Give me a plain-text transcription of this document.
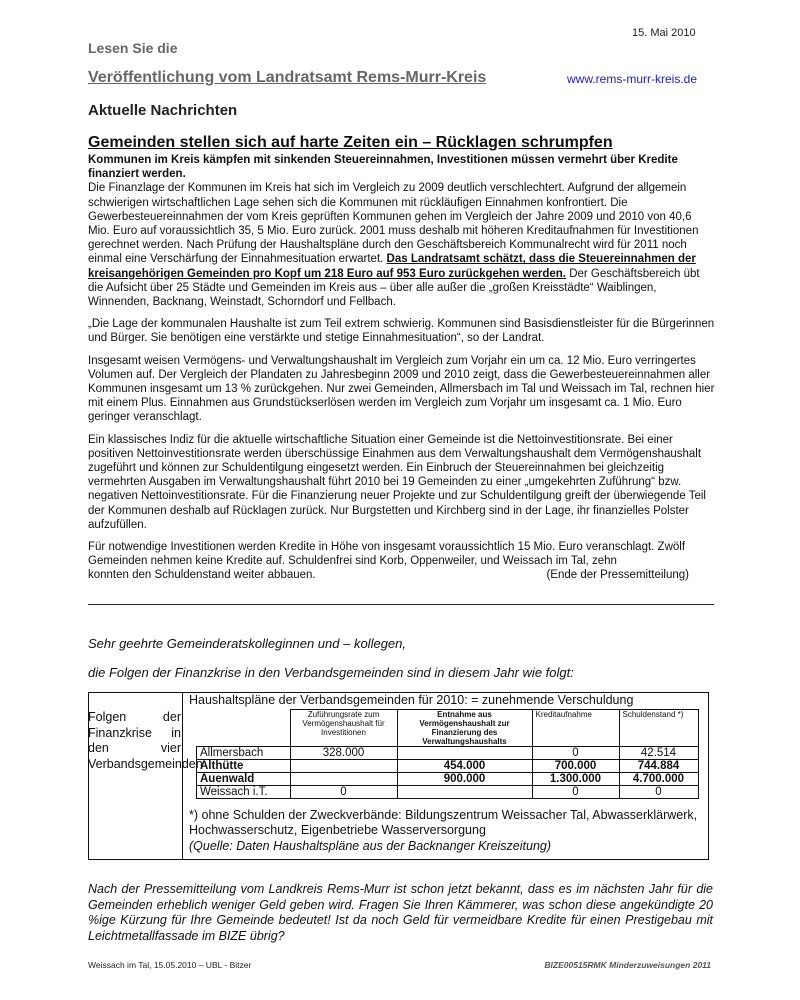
15. Mai 2010
Lesen Sie die
Veröffentlichung vom Landratsamt Rems-Murr-Kreis	www.rems-murr-kreis.de
Aktuelle Nachrichten
Gemeinden stellen sich auf harte Zeiten ein – Rücklagen schrumpfen

Kommunen im Kreis kämpfen mit sinkenden Steuereinnahmen, Investitionen müssen vermehrt über Kredite finanziert werden.

Die Finanzlage der Kommunen im Kreis hat sich im Vergleich zu 2009 deutlich verschlechtert. Aufgrund der allgemein schwierigen wirtschaftlichen Lage sehen sich die Kommunen mit rückläufigen Einnahmen konfrontiert. Die Gewerbesteuereinnahmen der vom Kreis geprüften Kommunen gehen im Vergleich der Jahre 2009 und 2010 von 40,6 Mio. Euro auf voraussichtlich 35, 5 Mio. Euro zurück. 2001 muss deshalb mit höheren Kreditaufnahmen für Investitionen gerechnet werden. Nach Prüfung der Haushaltspläne durch den Geschäftsbereich Kommunalrecht wird für 2011 noch einmal eine Verschärfung der Einnahmesituation erwartet. Das Landratsamt schätzt, dass die Steuereinnahmen der kreisangehörigen Gemeinden pro Kopf um 218 Euro auf 953 Euro zurückgehen werden. Der Geschäftsbereich übt die Aufsicht über 25 Städte und Gemeinden im Kreis aus – über alle außer die „großen Kreisstädte“ Waiblingen, Winnenden, Backnang, Weinstadt, Schorndorf und Fellbach.

„Die Lage der kommunalen Haushalte ist zum Teil extrem schwierig. Kommunen sind Basisdienstleister für die Bürgerinnen und Bürger. Sie benötigen eine verstärkte und stetige Einnahmesituation“, so der Landrat.

Insgesamt weisen Vermögens- und Verwaltungshaushalt im Vergleich zum Vorjahr ein um ca. 12 Mio. Euro verringertes Volumen auf. Der Vergleich der Plandaten zu Jahresbeginn 2009 und 2010 zeigt, dass die Gewerbesteuereinnahmen aller Kommunen insgesamt um 13 % zurückgehen. Nur zwei Gemeinden, Allmersbach im Tal und Weissach im Tal, rechnen hier mit einem Plus. Einnahmen aus Grundstückserlösen werden im Vergleich zum Vorjahr um insgesamt ca. 1 Mio. Euro geringer veranschlagt.

Ein klassisches Indiz für die aktuelle wirtschaftliche Situation einer Gemeinde ist die Nettoinvestitionsrate. Bei einer positiven Nettoinvestitionsrate werden überschüssige Einahmen aus dem Verwaltungshaushalt dem Vermögenshaushalt zugeführt und können zur Schuldentilgung eingesetzt werden. Ein Einbruch der Steuereinnahmen bei gleichzeitig vermehrten Ausgaben im Verwaltungshaushalt führt 2010 bei 19 Gemeinden zu einer „umgekehrten Zuführung“ bzw. negativen Nettoinvestitionsrate. Für die Finanzierung neuer Projekte und zur Schuldentilgung greift der überwiegende Teil der Kommunen deshalb auf Rücklagen zurück. Nur Burgstetten und Kirchberg sind in der Lage, ihr finanzielles Polster aufzufüllen.

Für notwendige Investitionen werden Kredite in Höhe von insgesamt voraussichtlich 15 Mio. Euro veranschlagt. Zwölf Gemeinden nehmen keine Kredite auf. Schuldenfrei sind Korb, Oppenweiler, und Weissach im Tal, zehn

konnten den Schuldenstand weiter abbauen.	(Ende der Pressemitteilung)
Sehr geehrte Gemeinderatskolleginnen und – kollegen,
die Folgen der Finanzkrise in den Verbandsgemeinden sind in diesem Jahr wie folgt:
Folgen der Finanzkrise in den vier Verbandsgemeinden
Haushaltspläne der Verbandsgemeinden für 2010: = zunehmende Verschuldung
	Zuführungsrate zum Vermögenshaushalt für Investitionen	Entnahme aus Vermögenshaushalt zur Finanzierung des Verwaltungshaushalts	Kreditaufnahme	Schuldenstand *)
Allmersbach	328.000		0	42.514
Althütte		454.000	700.000	744.884
Auenwald		900.000	1.300.000	4.700.000
Weissach i.T.	0		0	0
*) ohne Schulden der Zweckverbände: Bildungszentrum Weissacher Tal, Abwasserklärwerk, Hochwasserschutz, Eigenbetriebe Wasserversorgung
(Quelle: Daten Haushaltspläne aus der Backnanger Kreiszeitung)
Nach der Pressemitteilung vom Landkreis Rems-Murr ist schon jetzt bekannt, dass es im nächsten Jahr für die Gemeinden erheblich weniger Geld geben wird. Fragen Sie Ihren Kämmerer, was schon diese angekündigte 20 %ige Kürzung für Ihre Gemeinde bedeutet! Ist da noch Geld für vermeidbare Kredite für einen Prestigebau mit Leichtmetallfassade im BIZE übrig?
Weissach im Tal, 15.05.2010 – UBL - Bitzer	BIZE00515RMK Minderzuweisungen 2011
